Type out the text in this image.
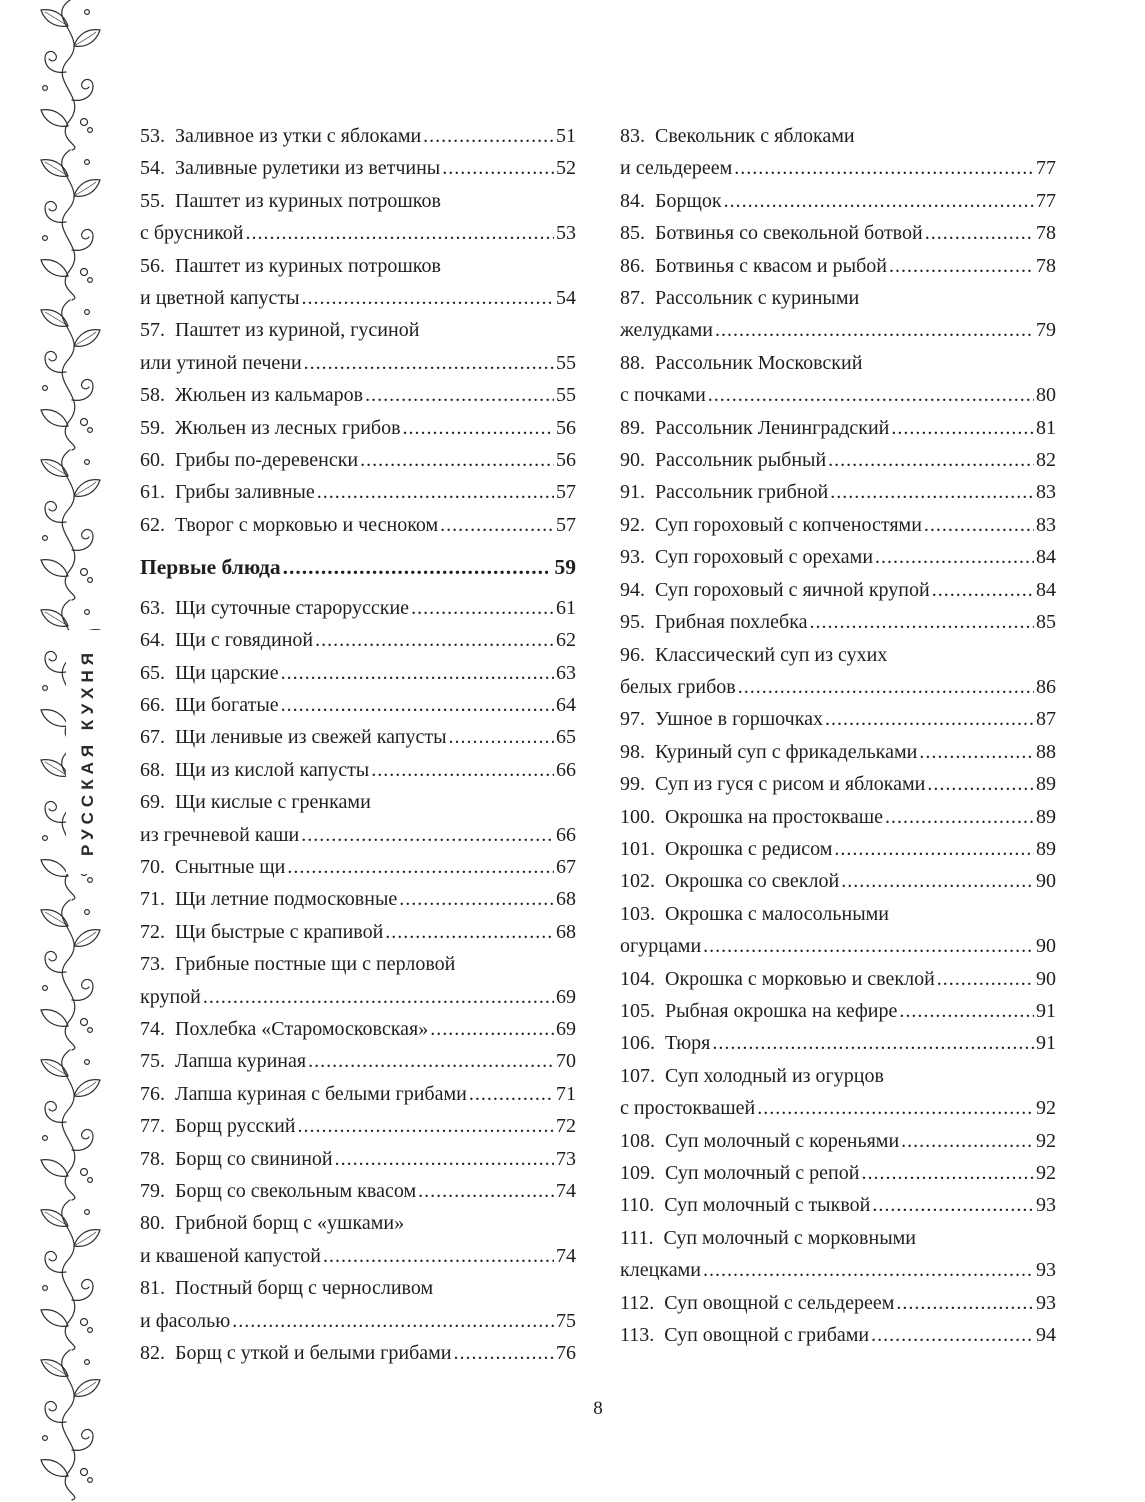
РУССКАЯ КУХНЯ
53. Заливное из утки с яблоками .....	51
54. Заливные рулетики из ветчины .....	52
55. Паштет из куриных потрошков
с брусникой .....	53
56. Паштет из куриных потрошков
и цветной капусты .....	54
57. Паштет из куриной, гусиной
или утиной печени .....	55
58. Жюльен из кальмаров .....	55
59. Жюльен из лесных грибов .....	56
60. Грибы по-деревенски .....	56
61. Грибы заливные .....	57
62. Творог с морковью и чесноком .....	57
Первые блюда .....	59
63. Щи суточные старорусские .....	61
64. Щи с говядиной .....	62
65. Щи царские .....	63
66. Щи богатые .....	64
67. Щи ленивые из свежей капусты .....	65
68. Щи из кислой капусты .....	66
69. Щи кислые с гренками
из гречневой каши .....	66
70. Снытные щи .....	67
71. Щи летние подмосковные .....	68
72. Щи быстрые с крапивой .....	68
73. Грибные постные щи с перловой
крупой .....	69
74. Похлебка «Старомосковская» .....	69
75. Лапша куриная .....	70
76. Лапша куриная с белыми грибами .....	71
77. Борщ русский .....	72
78. Борщ со свининой .....	73
79. Борщ со свекольным квасом .....	74
80. Грибной борщ с «ушками»
и квашеной капустой .....	74
81. Постный борщ с черносливом
и фасолью .....	75
82. Борщ с уткой и белыми грибами .....	76
83. Свекольник с яблоками
и сельдереем .....	77
84. Борщок .....	77
85. Ботвинья со свекольной ботвой .....	78
86. Ботвинья с квасом и рыбой .....	78
87. Рассольник с куриными
желудками .....	79
88. Рассольник Московский
с почками .....	80
89. Рассольник Ленинградский .....	81
90. Рассольник рыбный .....	82
91. Рассольник грибной .....	83
92. Суп гороховый с копченостями .....	83
93. Суп гороховый с орехами .....	84
94. Суп гороховый с яичной крупой .....	84
95. Грибная похлебка .....	85
96. Классический суп из сухих
белых грибов .....	86
97. Ушное в горшочках .....	87
98. Куриный суп с фрикадельками .....	88
99. Суп из гуся с рисом и яблоками .....	89
100. Окрошка на простокваше .....	89
101. Окрошка с редисом .....	89
102. Окрошка со свеклой .....	90
103. Окрошка с малосольными
огурцами .....	90
104. Окрошка с морковью и свеклой .....	90
105. Рыбная окрошка на кефире .....	91
106. Тюря .....	91
107. Суп холодный из огурцов
с простоквашей .....	92
108. Суп молочный с кореньями .....	92
109. Суп молочный с репой .....	92
110. Суп молочный с тыквой .....	93
111. Суп молочный с морковными
клецками .....	93
112. Суп овощной с сельдереем .....	93
113. Суп овощной с грибами .....	94
8
